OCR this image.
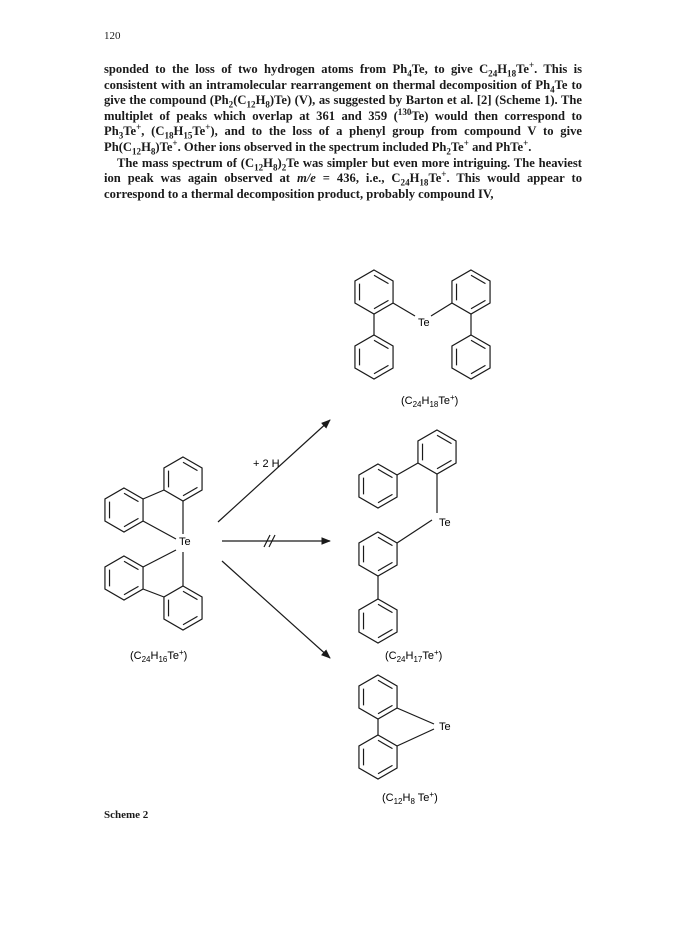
120

sponded to the loss of two hydrogen atoms from $Ph_4Te$, to give $C_{24}H_{18}Te^+$. This is consistent with an intramolecular rearrangement on thermal decomposition of $Ph_4Te$ to give the compound $(Ph_2(C_{12}H_8)Te)$ (V), as suggested by Barton et al. [2] (Scheme 1). The multiplet of peaks which overlap at 361 and 359 ($^{130}$Te) would then correspond to $Ph_3Te^+$, $(C_{18}H_{15}Te^+)$, and to the loss of a phenyl group from compound V to give $Ph(C_{12}H_8)Te^+$. Other ions observed in the spectrum included $Ph_2Te^+$ and PhTe+.

The mass spectrum of $(C_{12}H_8)_2Te$ was simpler but even more intriguing. The heaviest ion peak was again observed at m/e = 436, i.e., $C_{24}H_{18}Te^+$. This would appear to correspond to a thermal decomposition product, probably compound IV,

+ 2 H
Te
Te
Te
Te
$(C_{24}H_{18}Te^+)$
$(C_{24}H_{16}Te^+)$	$(C_{24}H_{17}Te^+)$
($C_{12}H_8$ Te+)
Scheme 2
